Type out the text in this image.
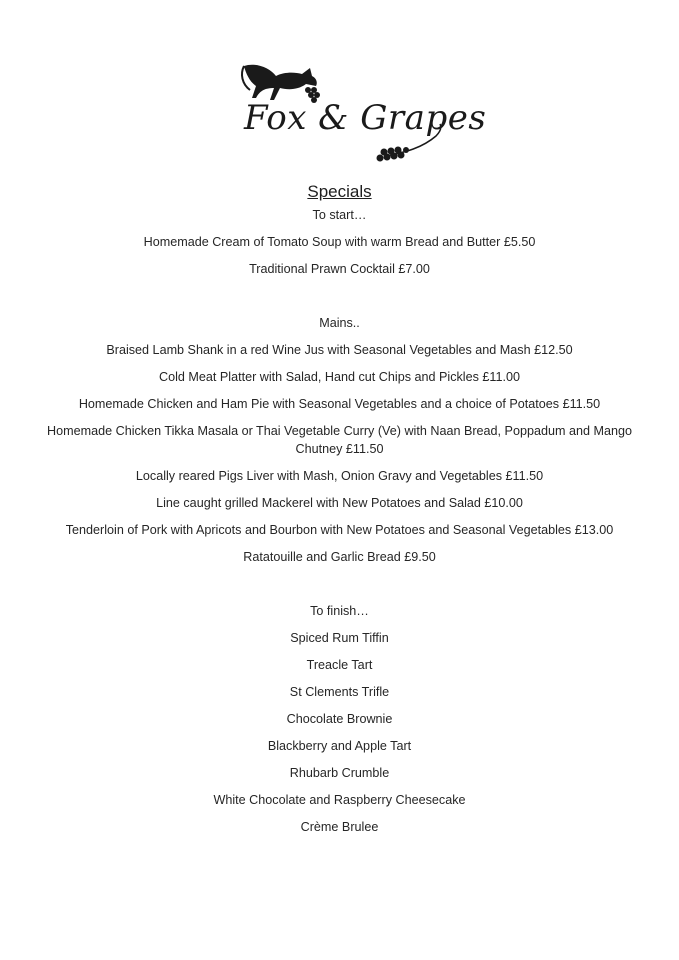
Fox & Grapes

Specials

To start…

Homemade Cream of Tomato Soup with warm Bread and Butter £5.50

Traditional Prawn Cocktail £7.00

Mains..

Braised Lamb Shank in a red Wine Jus with Seasonal Vegetables and Mash £12.50

Cold Meat Platter with Salad, Hand cut Chips and Pickles £11.00

Homemade Chicken and Ham Pie with Seasonal Vegetables and a choice of Potatoes £11.50

Homemade Chicken Tikka Masala or Thai Vegetable Curry (Ve) with Naan Bread, Poppadum and Mango Chutney £11.50

Locally reared Pigs Liver with Mash, Onion Gravy and Vegetables £11.50

Line caught grilled Mackerel with New Potatoes and Salad £10.00

Tenderloin of Pork with Apricots and Bourbon with New Potatoes and Seasonal Vegetables £13.00

Ratatouille and Garlic Bread £9.50

To finish…

Spiced Rum Tiffin

Treacle Tart

St Clements Trifle

Chocolate Brownie

Blackberry and Apple Tart

Rhubarb Crumble

White Chocolate and Raspberry Cheesecake

Crème Brulee
